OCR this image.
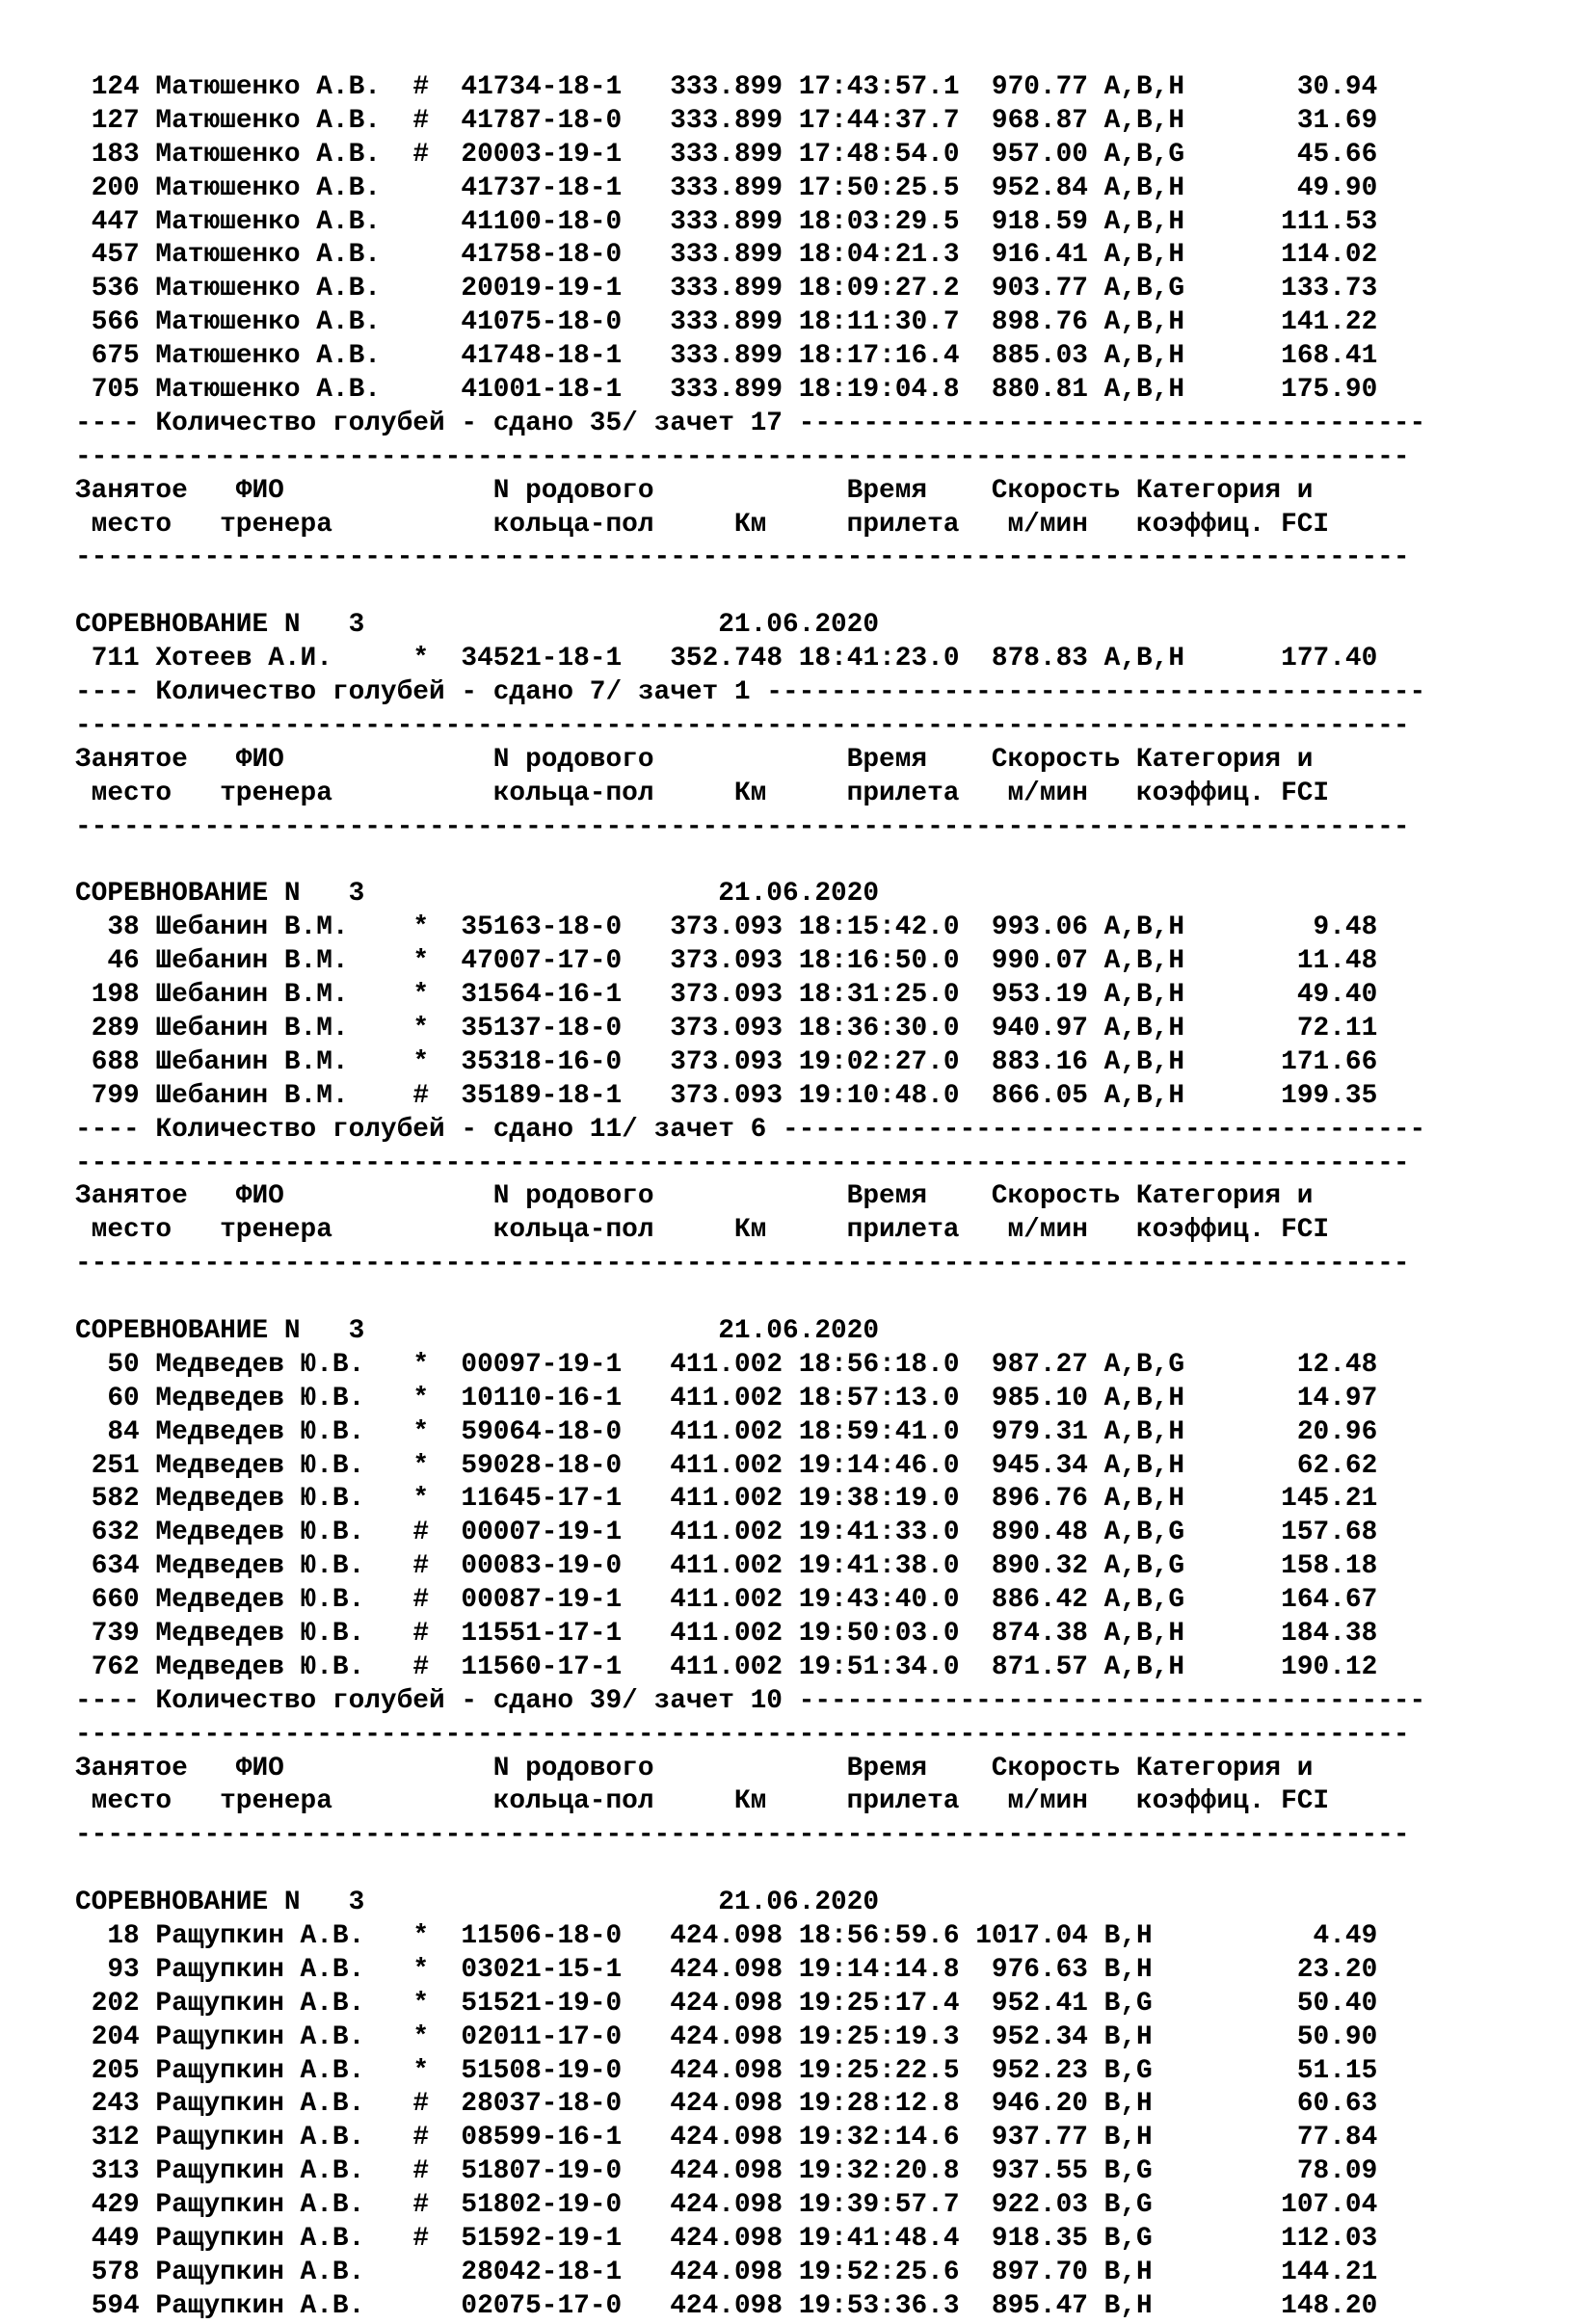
124 Матюшенко А.В.  # 41734-18-1 333.899 17:43:57.1  970.77 A,B,H       30.94
127 Матюшенко А.В.  # 41787-18-0 333.899 17:44:37.7  968.87 A,B,H       31.69
183 Матюшенко А.В.  # 20003-19-1 333.899 17:48:54.0  957.00 A,B,G       45.66
200 Матюшенко А.В.     41737-18-1 333.899 17:50:25.5  952.84 A,B,H       49.90
447 Матюшенко А.В.     41100-18-0 333.899 18:03:29.5  918.59 A,B,H      111.53
457 Матюшенко А.В.     41758-18-0 333.899 18:04:21.3  916.41 A,B,H      114.02
536 Матюшенко А.В.     20019-19-1 333.899 18:09:27.2  903.77 A,B,G      133.73
566 Матюшенко А.В.     41075-18-0 333.899 18:11:30.7  898.76 A,B,H      141.22
675 Матюшенко А.В.     41748-18-1 333.899 18:17:16.4  885.03 A,B,H      168.41
705 Матюшенко А.В.     41001-18-1 333.899 18:19:04.8  880.81 A,B,H      175.90
---- Количество голубей - сдано 35/ зачет 17 ---------------------------------------
-----------------------------------------------------------------------------------
Занятое   ФИО             N родового            Время    Скорость Категория и
место   тренера          кольца-пол     Км     прилета   м/мин   коэффиц. FCI
-----------------------------------------------------------------------------------

СОРЕВНОВАНИЕ N   3                      21.06.2020
711 Хотеев А.И.     * 34521-18-1 352.748 18:41:23.0  878.83 A,B,H      177.40
---- Количество голубей - сдано 7/ зачет 1 -----------------------------------------
-----------------------------------------------------------------------------------
Занятое   ФИО             N родового            Время    Скорость Категория и
место   тренера          кольца-пол     Км     прилета   м/мин   коэффиц. FCI
-----------------------------------------------------------------------------------

СОРЕВНОВАНИЕ N   3                      21.06.2020
38 Шебанин В.М.    * 35163-18-0 373.093 18:15:42.0  993.06 A,B,H        9.48
46 Шебанин В.М.    * 47007-17-0 373.093 18:16:50.0  990.07 A,B,H       11.48
198 Шебанин В.М.    * 31564-16-1 373.093 18:31:25.0  953.19 A,B,H       49.40
289 Шебанин В.М.    * 35137-18-0 373.093 18:36:30.0  940.97 A,B,H       72.11
688 Шебанин В.М.    * 35318-16-0 373.093 19:02:27.0  883.16 A,B,H      171.66
799 Шебанин В.М.    # 35189-18-1 373.093 19:10:48.0  866.05 A,B,H      199.35
---- Количество голубей - сдано 11/ зачет 6 ----------------------------------------
-----------------------------------------------------------------------------------
Занятое   ФИО             N родового            Время    Скорость Категория и
место   тренера          кольца-пол     Км     прилета   м/мин   коэффиц. FCI
-----------------------------------------------------------------------------------

СОРЕВНОВАНИЕ N   3                      21.06.2020
50 Медведев Ю.В.   * 00097-19-1 411.002 18:56:18.0  987.27 A,B,G       12.48
60 Медведев Ю.В.   * 10110-16-1 411.002 18:57:13.0  985.10 A,B,H       14.97
84 Медведев Ю.В.   * 59064-18-0 411.002 18:59:41.0  979.31 A,B,H       20.96
251 Медведев Ю.В.   * 59028-18-0 411.002 19:14:46.0  945.34 A,B,H       62.62
582 Медведев Ю.В.   * 11645-17-1 411.002 19:38:19.0  896.76 A,B,H      145.21
632 Медведев Ю.В.   # 00007-19-1 411.002 19:41:33.0  890.48 A,B,G      157.68
634 Медведев Ю.В.   # 00083-19-0 411.002 19:41:38.0  890.32 A,B,G      158.18
660 Медведев Ю.В.   # 00087-19-1 411.002 19:43:40.0  886.42 A,B,G      164.67
739 Медведев Ю.В.   # 11551-17-1 411.002 19:50:03.0  874.38 A,B,H      184.38
762 Медведев Ю.В.   # 11560-17-1 411.002 19:51:34.0  871.57 A,B,H      190.12
---- Количество голубей - сдано 39/ зачет 10 ---------------------------------------
-----------------------------------------------------------------------------------
Занятое   ФИО             N родового            Время    Скорость Категория и
место   тренера          кольца-пол     Км     прилета   м/мин   коэффиц. FCI
-----------------------------------------------------------------------------------

СОРЕВНОВАНИЕ N   3                      21.06.2020
18 Ращупкин А.В.   * 11506-18-0 424.098 18:56:59.6 1017.04 B,H          4.49
93 Ращупкин А.В.   * 03021-15-1 424.098 19:14:14.8  976.63 B,H         23.20
202 Ращупкин А.В.   * 51521-19-0 424.098 19:25:17.4  952.41 B,G         50.40
204 Ращупкин А.В.   * 02011-17-0 424.098 19:25:19.3  952.34 B,H         50.90
205 Ращупкин А.В.   * 51508-19-0 424.098 19:25:22.5  952.23 B,G         51.15
243 Ращупкин А.В.   # 28037-18-0 424.098 19:28:12.8  946.20 B,H         60.63
312 Ращупкин А.В.   # 08599-16-1 424.098 19:32:14.6  937.77 B,H         77.84
313 Ращупкин А.В.   # 51807-19-0 424.098 19:32:20.8  937.55 B,G         78.09
429 Ращупкин А.В.   # 51802-19-0 424.098 19:39:57.7  922.03 B,G        107.04
449 Ращупкин А.В.   # 51592-19-1 424.098 19:41:48.4  918.35 B,G        112.03
578 Ращупкин А.В.      28042-18-1 424.098 19:52:25.6  897.70 B,H        144.21
594 Ращупкин А.В.      02075-17-0 424.098 19:53:36.3  895.47 B,H        148.20
